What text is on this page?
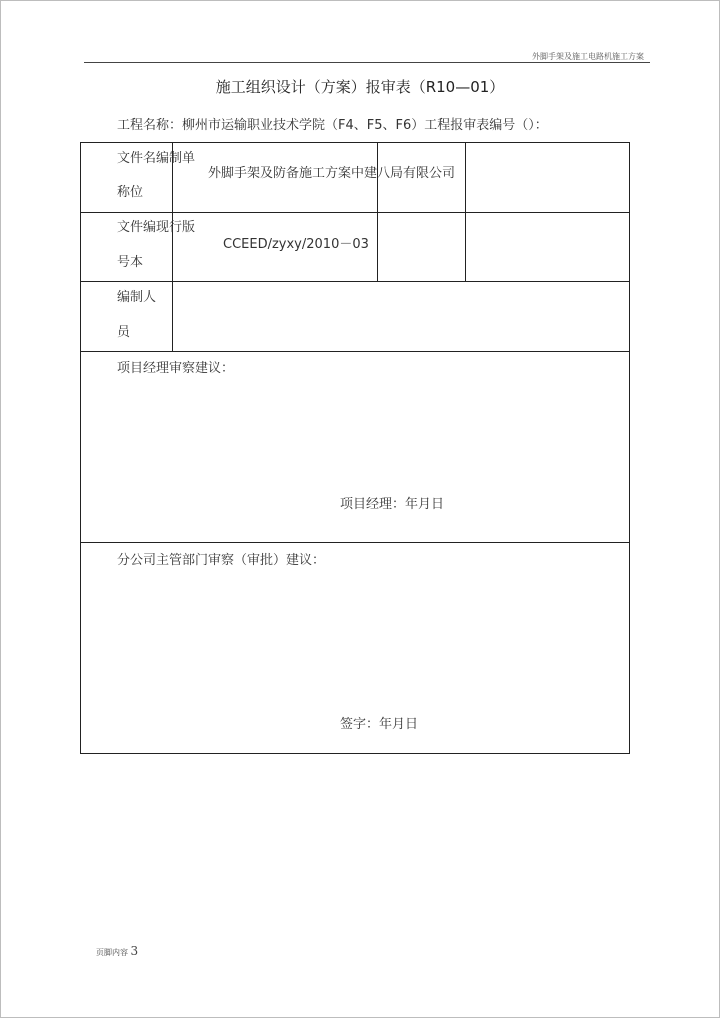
外脚手架及施工电路机施工方案
施工组织设计（方案）报审表（R10—01）
工程名称：柳州市运输职业技术学院（F4、F5、F6）工程报审表编号（）：
文件名编制单
称位
外脚手架及防备施工方案中建八局有限公司
文件编现行版
号本
CCEED/zyxy/2010－03
编制人
员
项目经理审察建议：
项目经理：年月日
分公司主管部门审察（审批）建议：
签字：年月日
页脚内容 3
